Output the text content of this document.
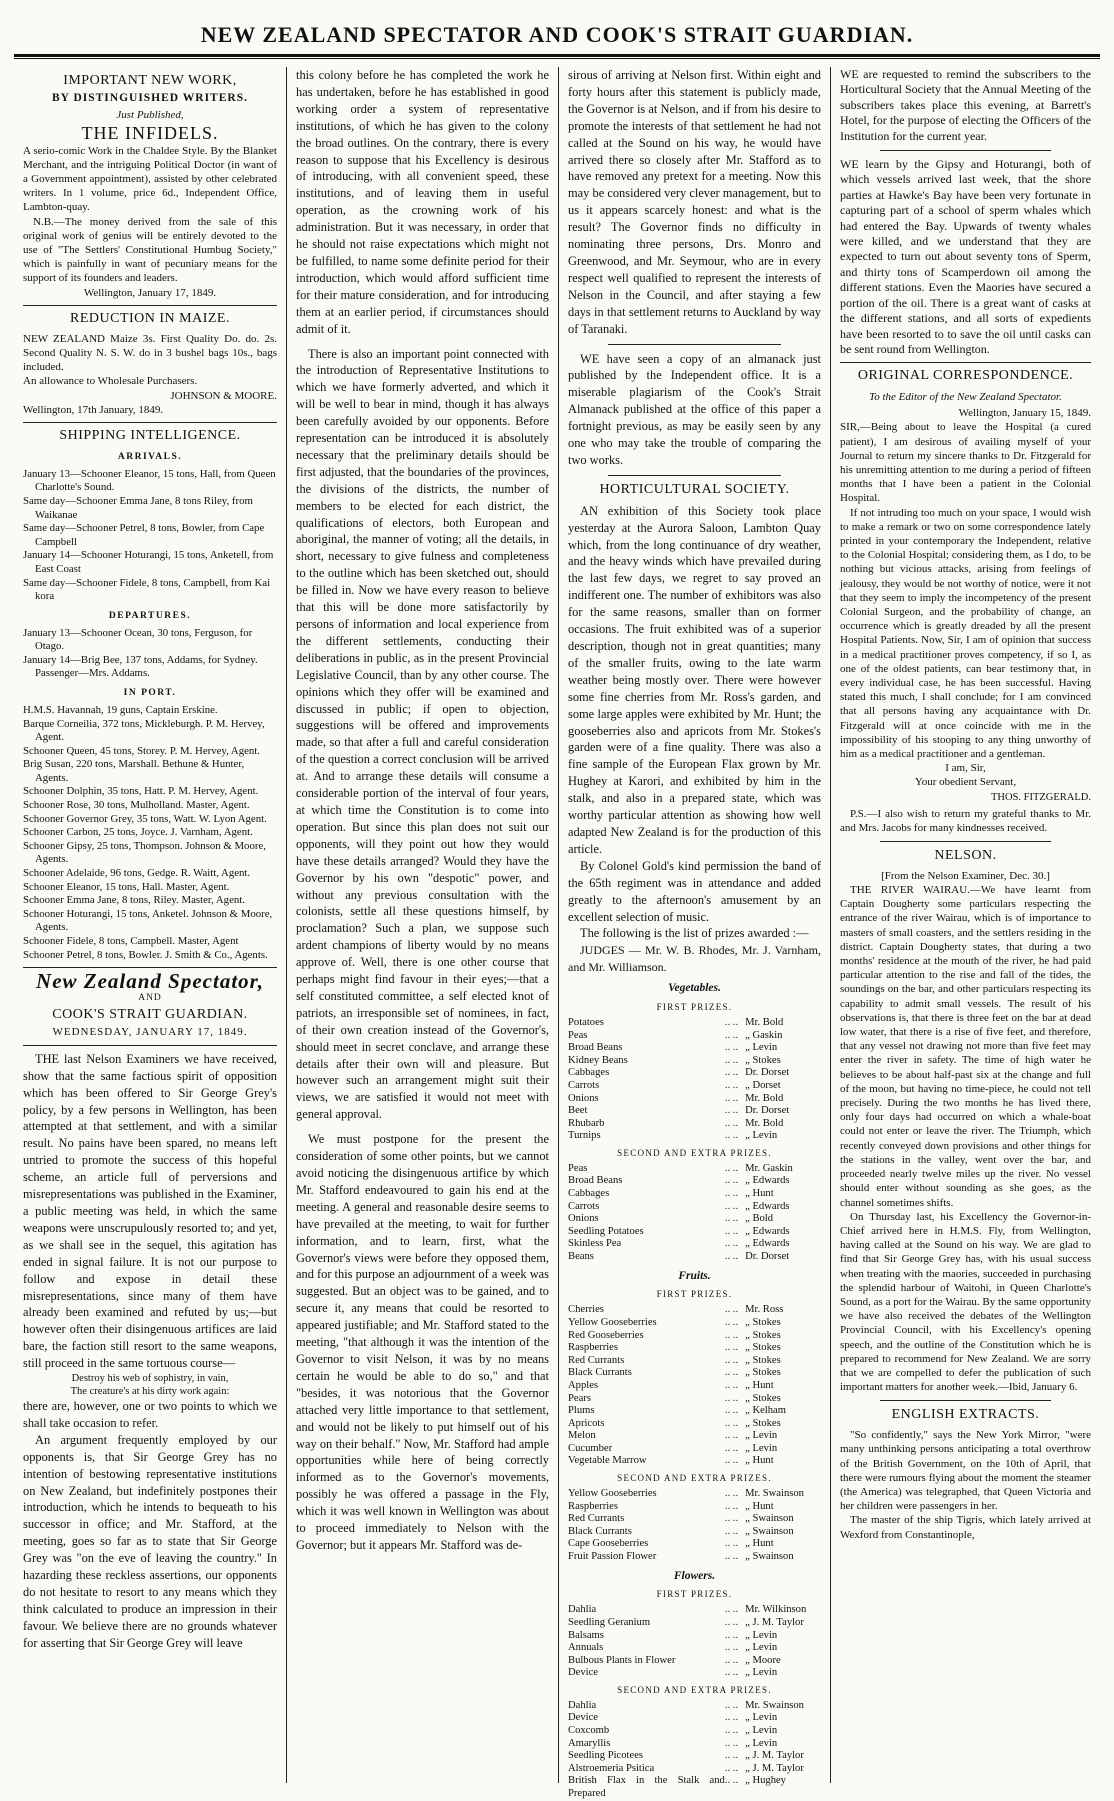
NEW ZEALAND SPECTATOR AND COOK'S STRAIT GUARDIAN.
IMPORTANT NEW WORK,
BY DISTINGUISHED WRITERS.
Just Published,
THE INFIDELS.

A serio-comic Work in the Chaldee Style. By the Blanket Merchant, and the intriguing Political Doctor (in want of a Government appointment), assisted by other celebrated writers. In 1 volume, price 6d., Independent Office, Lambton-quay.

N.B.—The money derived from the sale of this original work of genius will be entirely devoted to the use of "The Settlers' Constitutional Humbug Society," which is painfully in want of pecuniary means for the support of its founders and leaders.

Wellington, January 17, 1849.

REDUCTION IN MAIZE.

NEW ZEALAND Maize 3s. First Quality Do. do. 2s. Second Quality N. S. W. do in 3 bushel bags 10s., bags included.

An allowance to Wholesale Purchasers.

JOHNSON & MOORE.

Wellington, 17th January, 1849.

SHIPPING INTELLIGENCE.
ARRIVALS.
January 13—Schooner Eleanor, 15 tons, Hall, from Queen Charlotte's Sound.
Same day—Schooner Emma Jane, 8 tons Riley, from Waikanae
Same day—Schooner Petrel, 8 tons, Bowler, from Cape Campbell
January 14—Schooner Hoturangi, 15 tons, Anketell, from East Coast
Same day—Schooner Fidele, 8 tons, Campbell, from Kai kora
DEPARTURES.
January 13—Schooner Ocean, 30 tons, Ferguson, for Otago.
January 14—Brig Bee, 137 tons, Addams, for Sydney. Passenger—Mrs. Addams.
IN PORT.
H.M.S. Havannah, 19 guns, Captain Erskine.
Barque Corneilia, 372 tons, Mickleburgh. P. M. Hervey, Agent.
Schooner Queen, 45 tons, Storey. P. M. Hervey, Agent.
Brig Susan, 220 tons, Marshall. Bethune & Hunter, Agents.
Schooner Dolphin, 35 tons, Hatt. P. M. Hervey, Agent.
Schooner Rose, 30 tons, Mulholland. Master, Agent.
Schooner Governor Grey, 35 tons, Watt. W. Lyon Agent.
Schooner Carbon, 25 tons, Joyce. J. Varnham, Agent.
Schooner Gipsy, 25 tons, Thompson. Johnson & Moore, Agents.
Schooner Adelaide, 96 tons, Gedge. R. Waitt, Agent.
Schooner Eleanor, 15 tons, Hall. Master, Agent.
Schooner Emma Jane, 8 tons, Riley. Master, Agent.
Schooner Hoturangi, 15 tons, Anketel. Johnson & Moore, Agents.
Schooner Fidele, 8 tons, Campbell. Master, Agent
Schooner Petrel, 8 tons, Bowler. J. Smith & Co., Agents.
New Zealand Spectator,
AND
COOK'S STRAIT GUARDIAN.
WEDNESDAY, JANUARY 17, 1849.

THE last Nelson Examiners we have received, show that the same factious spirit of opposition which has been offered to Sir George Grey's policy, by a few persons in Wellington, has been attempted at that settlement, and with a similar result. No pains have been spared, no means left untried to promote the success of this hopeful scheme, an article full of perversions and misrepresentations was published in the Examiner, a public meeting was held, in which the same weapons were unscrupulously resorted to; and yet, as we shall see in the sequel, this agitation has ended in signal failure. It is not our purpose to follow and expose in detail these misrepresentations, since many of them have already been examined and refuted by us;—but however often their disingenuous artifices are laid bare, the faction still resort to the same weapons, still proceed in the same tortuous course—

Destroy his web of sophistry, in vain,
The creature's at his dirty work again:

there are, however, one or two points to which we shall take occasion to refer.

An argument frequently employed by our opponents is, that Sir George Grey has no intention of bestowing representative institutions on New Zealand, but indefinitely postpones their introduction, which he intends to bequeath to his successor in office; and Mr. Stafford, at the meeting, goes so far as to state that Sir George Grey was "on the eve of leaving the country." In hazarding these reckless assertions, our opponents do not hesitate to resort to any means which they think calculated to produce an impression in their favour. We believe there are no grounds whatever for asserting that Sir George Grey will leave

this colony before he has completed the work he has undertaken, before he has established in good working order a system of representative institutions, of which he has given to the colony the broad outlines. On the contrary, there is every reason to suppose that his Excellency is desirous of introducing, with all convenient speed, these institutions, and of leaving them in useful operation, as the crowning work of his administration. But it was necessary, in order that he should not raise expectations which might not be fulfilled, to name some definite period for their introduction, which would afford sufficient time for their mature consideration, and for introducing them at an earlier period, if circumstances should admit of it.

There is also an important point connected with the introduction of Representative Institutions to which we have formerly adverted, and which it will be well to bear in mind, though it has always been carefully avoided by our opponents. Before representation can be introduced it is absolutely necessary that the preliminary details should be first adjusted, that the boundaries of the provinces, the divisions of the districts, the number of members to be elected for each district, the qualifications of electors, both European and aboriginal, the manner of voting; all the details, in short, necessary to give fulness and completeness to the outline which has been sketched out, should be filled in. Now we have every reason to believe that this will be done more satisfactorily by persons of information and local experience from the different settlements, conducting their deliberations in public, as in the present Provincial Legislative Council, than by any other course. The opinions which they offer will be examined and discussed in public; if open to objection, suggestions will be offered and improvements made, so that after a full and careful consideration of the question a correct conclusion will be arrived at. And to arrange these details will consume a considerable portion of the interval of four years, at which time the Constitution is to come into operation. But since this plan does not suit our opponents, will they point out how they would have these details arranged? Would they have the Governor by his own "despotic" power, and without any previous consultation with the colonists, settle all these questions himself, by proclamation? Such a plan, we suppose such ardent champions of liberty would by no means approve of. Well, there is one other course that perhaps might find favour in their eyes;—that a self constituted committee, a self elected knot of patriots, an irresponsible set of nominees, in fact, of their own creation instead of the Governor's, should meet in secret conclave, and arrange these details after their own will and pleasure. But however such an arrangement might suit their views, we are satisfied it would not meet with general approval.

We must postpone for the present the consideration of some other points, but we cannot avoid noticing the disingenuous artifice by which Mr. Stafford endeavoured to gain his end at the meeting. A general and reasonable desire seems to have prevailed at the meeting, to wait for further information, and to learn, first, what the Governor's views were before they opposed them, and for this purpose an adjournment of a week was suggested. But an object was to be gained, and to secure it, any means that could be resorted to appeared justifiable; and Mr. Stafford stated to the meeting, "that although it was the intention of the Governor to visit Nelson, it was by no means certain he would be able to do so," and that "besides, it was notorious that the Governor attached very little importance to that settlement, and would not be likely to put himself out of his way on their behalf." Now, Mr. Stafford had ample opportunities while here of being correctly informed as to the Governor's movements, possibly he was offered a passage in the Fly, which it was well known in Wellington was about to proceed immediately to Nelson with the Governor; but it appears Mr. Stafford was de-

sirous of arriving at Nelson first. Within eight and forty hours after this statement is publicly made, the Governor is at Nelson, and if from his desire to promote the interests of that settlement he had not called at the Sound on his way, he would have arrived there so closely after Mr. Stafford as to have removed any pretext for a meeting. Now this may be considered very clever management, but to us it appears scarcely honest: and what is the result? The Governor finds no difficulty in nominating three persons, Drs. Monro and Greenwood, and Mr. Seymour, who are in every respect well qualified to represent the interests of Nelson in the Council, and after staying a few days in that settlement returns to Auckland by way of Taranaki.

WE have seen a copy of an almanack just published by the Independent office. It is a miserable plagiarism of the Cook's Strait Almanack published at the office of this paper a fortnight previous, as may be easily seen by any one who may take the trouble of comparing the two works.

HORTICULTURAL SOCIETY.

AN exhibition of this Society took place yesterday at the Aurora Saloon, Lambton Quay which, from the long continuance of dry weather, and the heavy winds which have prevailed during the last few days, we regret to say proved an indifferent one. The number of exhibitors was also for the same reasons, smaller than on former occasions. The fruit exhibited was of a superior description, though not in great quantities; many of the smaller fruits, owing to the late warm weather being mostly over. There were however some fine cherries from Mr. Ross's garden, and some large apples were exhibited by Mr. Hunt; the gooseberries also and apricots from Mr. Stokes's garden were of a fine quality. There was also a fine sample of the European Flax grown by Mr. Hughey at Karori, and exhibited by him in the stalk, and also in a prepared state, which was worthy particular attention as showing how well adapted New Zealand is for the production of this article.

By Colonel Gold's kind permission the band of the 65th regiment was in attendance and added greatly to the afternoon's amusement by an excellent selection of music.

The following is the list of prizes awarded :—

JUDGES — Mr. W. B. Rhodes, Mr. J. Varnham, and Mr. Williamson.

Vegetables.
FIRST PRIZES.
Potatoes	.. ..	Mr. Bold
Peas	.. ..	„ Gaskin
Broad Beans	.. ..	„ Levin
Kidney Beans	.. ..	„ Stokes
Cabbages	.. ..	Dr. Dorset
Carrots	.. ..	„ Dorset
Onions	.. ..	Mr. Bold
Beet	.. ..	Dr. Dorset
Rhubarb	.. ..	Mr. Bold
Turnips	.. ..	„ Levin
SECOND AND EXTRA PRIZES.
Peas	.. ..	Mr. Gaskin
Broad Beans	.. ..	„ Edwards
Cabbages	.. ..	„ Hunt
Carrots	.. ..	„ Edwards
Onions	.. ..	„ Bold
Seedling Potatoes	.. ..	„ Edwards
Skinless Pea	.. ..	„ Edwards
Beans	.. ..	Dr. Dorset
Fruits.
FIRST PRIZES.
Cherries	.. ..	Mr. Ross
Yellow Gooseberries	.. ..	„ Stokes
Red Gooseberries	.. ..	„ Stokes
Raspberries	.. ..	„ Stokes
Red Currants	.. ..	„ Stokes
Black Currants	.. ..	„ Stokes
Apples	.. ..	„ Hunt
Pears	.. ..	„ Stokes
Plums	.. ..	„ Kelham
Apricots	.. ..	„ Stokes
Melon	.. ..	„ Levin
Cucumber	.. ..	„ Levin
Vegetable Marrow	.. ..	„ Hunt
SECOND AND EXTRA PRIZES.
Yellow Gooseberries	.. ..	Mr. Swainson
Raspberries	.. ..	„ Hunt
Red Currants	.. ..	„ Swainson
Black Currants	.. ..	„ Swainson
Cape Gooseberries	.. ..	„ Hunt
Fruit Passion Flower	.. ..	„ Swainson
Flowers.
FIRST PRIZES.
Dahlia	.. ..	Mr. Wilkinson
Seedling Geranium	.. ..	„ J. M. Taylor
Balsams	.. ..	„ Levin
Annuals	.. ..	„ Levin
Bulbous Plants in Flower	.. ..	„ Moore
Device	.. ..	„ Levin
SECOND AND EXTRA PRIZES.
Dahlia	.. ..	Mr. Swainson
Device	.. ..	„ Levin
Coxcomb	.. ..	„ Levin
Amaryllis	.. ..	„ Levin
Seedling Picotees	.. ..	„ J. M. Taylor
Alstroemeria Psitica	.. ..	„ J. M. Taylor
British Flax in the Stalk and Prepared	.. ..	„ Hughey

WE are requested to remind the subscribers to the Horticultural Society that the Annual Meeting of the subscribers takes place this evening, at Barrett's Hotel, for the purpose of electing the Officers of the Institution for the current year.

WE learn by the Gipsy and Hoturangi, both of which vessels arrived last week, that the shore parties at Hawke's Bay have been very fortunate in capturing part of a school of sperm whales which had entered the Bay. Upwards of twenty whales were killed, and we understand that they are expected to turn out about seventy tons of Sperm, and thirty tons of Scamperdown oil among the different stations. Even the Maories have secured a portion of the oil. There is a great want of casks at the different stations, and all sorts of expedients have been resorted to to save the oil until casks can be sent round from Wellington.

ORIGINAL CORRESPONDENCE.
To the Editor of the New Zealand Spectator.

Wellington, January 15, 1849.

SIR,—Being about to leave the Hospital (a cured patient), I am desirous of availing myself of your Journal to return my sincere thanks to Dr. Fitzgerald for his unremitting attention to me during a period of fifteen months that I have been a patient in the Colonial Hospital.

If not intruding too much on your space, I would wish to make a remark or two on some correspondence lately printed in your contemporary the Independent, relative to the Colonial Hospital; considering them, as I do, to be nothing but vicious attacks, arising from feelings of jealousy, they would be not worthy of notice, were it not that they seem to imply the incompetency of the present Colonial Surgeon, and the probability of change, an occurrence which is greatly dreaded by all the present Hospital Patients. Now, Sir, I am of opinion that success in a medical practitioner proves competency, if so I, as one of the oldest patients, can bear testimony that, in every individual case, he has been successful. Having stated this much, I shall conclude; for I am convinced that all persons having any acquaintance with Dr. Fitzgerald will at once coincide with me in the impossibility of his stooping to any thing unworthy of him as a medical practitioner and a gentleman.

I am, Sir,

Your obedient Servant,

THOS. FITZGERALD.

P.S.—I also wish to return my grateful thanks to Mr. and Mrs. Jacobs for many kindnesses received.

NELSON.

[From the Nelson Examiner, Dec. 30.]

THE RIVER WAIRAU.—We have learnt from Captain Dougherty some particulars respecting the entrance of the river Wairau, which is of importance to masters of small coasters, and the settlers residing in the district. Captain Dougherty states, that during a two months' residence at the mouth of the river, he had paid particular attention to the rise and fall of the tides, the soundings on the bar, and other particulars respecting its capability to admit small vessels. The result of his observations is, that there is three feet on the bar at dead low water, that there is a rise of five feet, and therefore, that any vessel not drawing not more than five feet may enter the river in safety. The time of high water he believes to be about half-past six at the change and full of the moon, but having no time-piece, he could not tell precisely. During the two months he has lived there, only four days had occurred on which a whale-boat could not enter or leave the river. The Triumph, which recently conveyed down provisions and other things for the stations in the valley, went over the bar, and proceeded nearly twelve miles up the river. No vessel should enter without sounding as she goes, as the channel sometimes shifts.

On Thursday last, his Excellency the Governor-in-Chief arrived here in H.M.S. Fly, from Wellington, having called at the Sound on his way. We are glad to find that Sir George Grey has, with his usual success when treating with the maories, succeeded in purchasing the splendid harbour of Waitohi, in Queen Charlotte's Sound, as a port for the Wairau. By the same opportunity we have also received the debates of the Wellington Provincial Council, with his Excellency's opening speech, and the outline of the Constitution which he is prepared to recommend for New Zealand. We are sorry that we are compelled to defer the publication of such important matters for another week.—Ibid, January 6.

ENGLISH EXTRACTS.

"So confidently," says the New York Mirror, "were many unthinking persons anticipating a total overthrow of the British Government, on the 10th of April, that there were rumours flying about the moment the steamer (the America) was telegraphed, that Queen Victoria and her children were passengers in her.

The master of the ship Tigris, which lately arrived at Wexford from Constantinople,
